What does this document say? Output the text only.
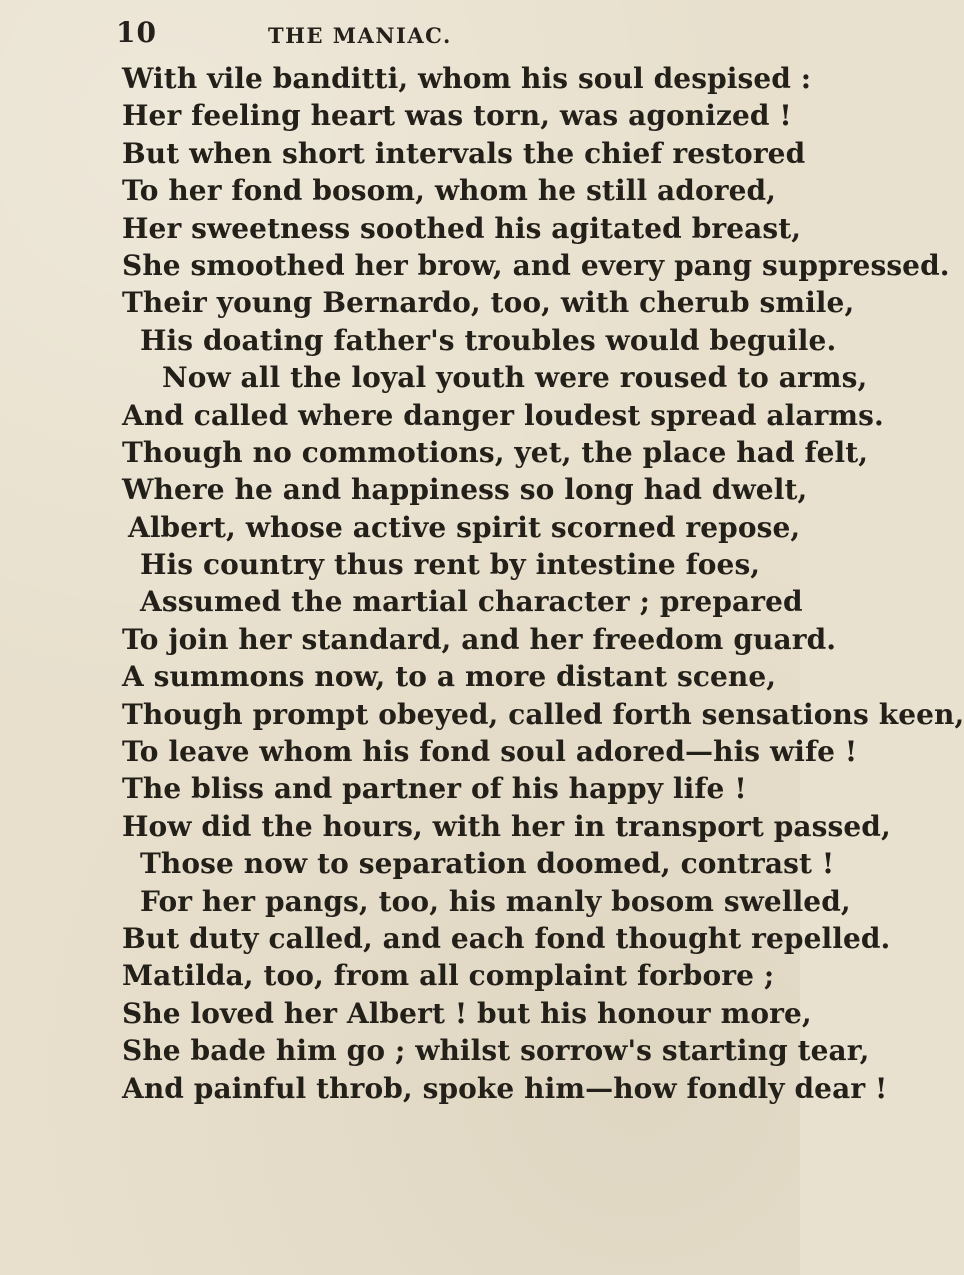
10	THE MANIAC.
With vile banditti, whom his soul despised :
Her feeling heart was torn, was agonized !
But when short intervals the chief restored
To her fond bosom, whom he still adored,
Her sweetness soothed his agitated breast,
She smoothed her brow, and every pang suppressed.
Their young Bernardo, too, with cherub smile,
His doating father's troubles would beguile.
Now all the loyal youth were roused to arms,
And called where danger loudest spread alarms.
Though no commotions, yet, the place had felt,
Where he and happiness so long had dwelt,
Albert, whose active spirit scorned repose,
His country thus rent by intestine foes,
Assumed the martial character ; prepared
To join her standard, and her freedom guard.
A summons now, to a more distant scene,
Though prompt obeyed, called forth sensations keen,
To leave whom his fond soul adored—his wife !
The bliss and partner of his happy life !
How did the hours, with her in transport passed,
Those now to separation doomed, contrast !
For her pangs, too, his manly bosom swelled,
But duty called, and each fond thought repelled.
Matilda, too, from all complaint forbore ;
She loved her Albert ! but his honour more,
She bade him go ; whilst sorrow's starting tear,
And painful throb, spoke him—how fondly dear !
